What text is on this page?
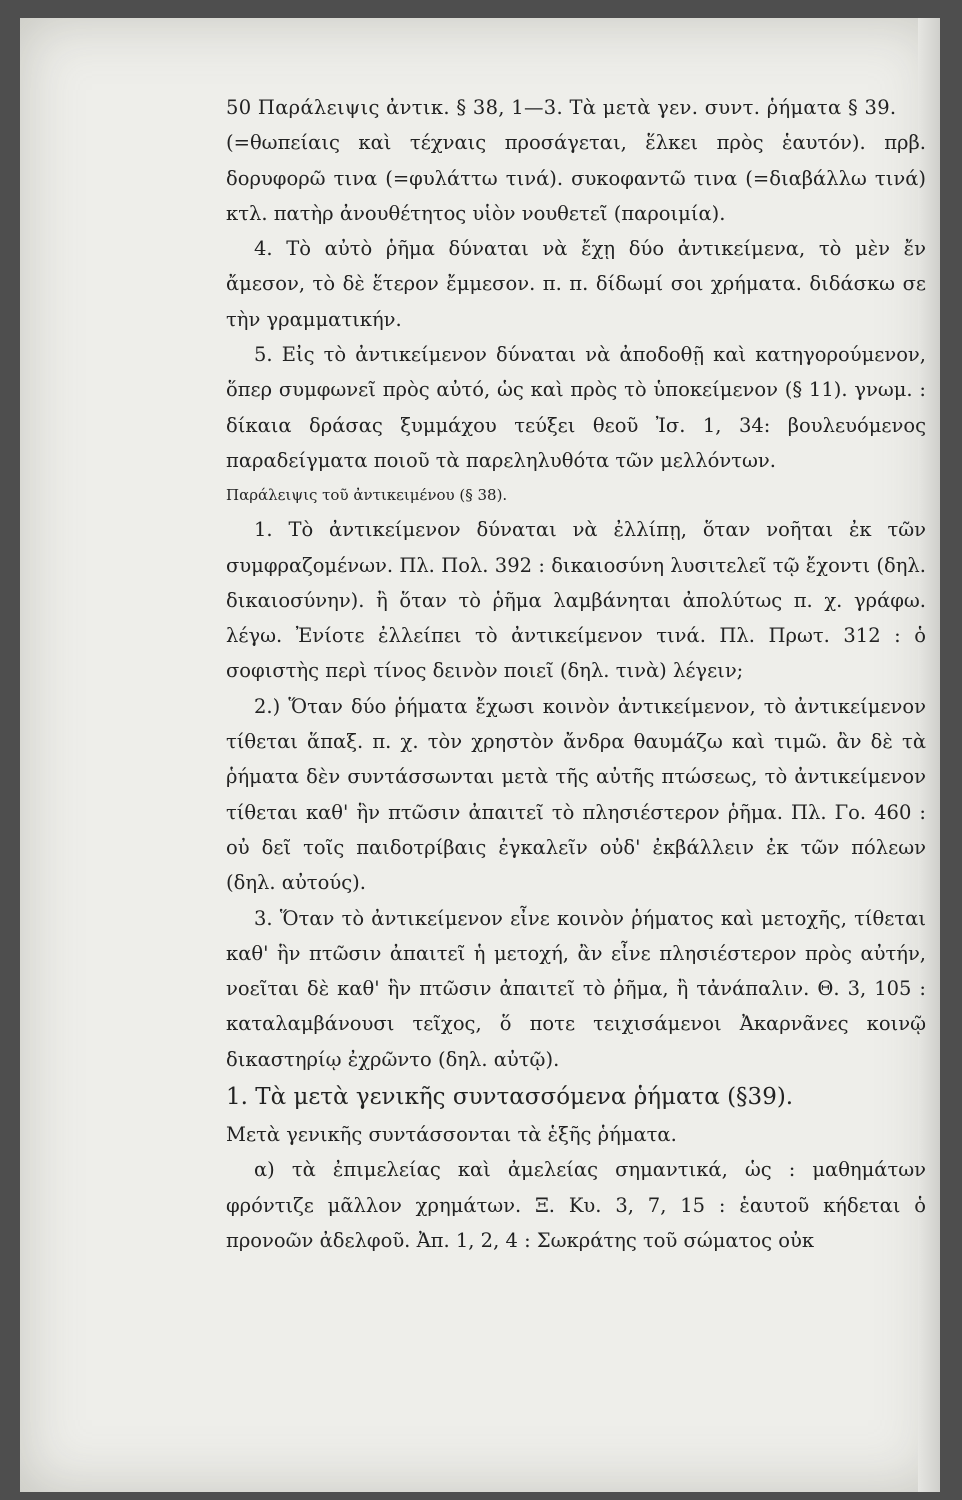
50 Παράλειψις ἀντικ. § 38, 1—3. Τὰ μετὰ γεν. συντ. ῥήματα § 39.

(=θωπείαις καὶ τέχναις προσάγεται, ἕλκει πρὸς ἑαυτόν). πρβ. δορυφορῶ τινα (=φυλάττω τινά). συκοφαντῶ τινα (=διαβάλλω τινά) κτλ. πατὴρ ἀνουθέτητος υἱὸν νουθετεῖ (παροιμία).

4. Τὸ αὐτὸ ῥῆμα δύναται νὰ ἔχῃ δύο ἀντικείμενα, τὸ μὲν ἔν ἄμεσον, τὸ δὲ ἕτερον ἔμμεσον. π. π. δίδωμί σοι χρήματα. διδάσκω σε τὴν γραμματικήν.

5. Εἰς τὸ ἀντικείμενον δύναται νὰ ἀποδοθῇ καὶ κατηγορούμενον, ὅπερ συμφωνεῖ πρὸς αὐτό, ὡς καὶ πρὸς τὸ ὑποκείμενον (§ 11). γνωμ. : δίκαια δράσας ξυμμάχου τεύξει θεοῦ Ἰσ. 1, 34: βουλευόμενος παραδείγματα ποιοῦ τὰ παρεληλυθότα τῶν μελλόντων.

Παράλειψις τοῦ ἀντικειμένου (§ 38).

1. Τὸ ἀντικείμενον δύναται νὰ ἐλλίπῃ, ὅταν νοῆται ἐκ τῶν συμφραζομένων. Πλ. Πολ. 392 : δικαιοσύνη λυσιτελεῖ τῷ ἔχοντι (δηλ. δικαιοσύνην). ἢ ὅταν τὸ ῥῆμα λαμβάνηται ἀπολύτως π. χ. γράφω. λέγω. Ἐνίοτε ἐλλείπει τὸ ἀντικείμενον τινά. Πλ. Πρωτ. 312 : ὁ σοφιστὴς περὶ τίνος δεινὸν ποιεῖ (δηλ. τινὰ) λέγειν;

2.) Ὅταν δύο ῥήματα ἔχωσι κοινὸν ἀντικείμενον, τὸ ἀντικείμενον τίθεται ἅπαξ. π. χ. τὸν χρηστὸν ἄνδρα θαυμάζω καὶ τιμῶ. ἂν δὲ τὰ ῥήματα δὲν συντάσσωνται μετὰ τῆς αὐτῆς πτώσεως, τὸ ἀντικείμενον τίθεται καθ' ἣν πτῶσιν ἀπαιτεῖ τὸ πλησιέστερον ῥῆμα. Πλ. Γο. 460 : οὐ δεῖ τοῖς παιδοτρίβαις ἐγκαλεῖν οὐδ' ἐκβάλλειν ἐκ τῶν πόλεων (δηλ. αὐτούς).

3. Ὅταν τὸ ἀντικείμενον εἶνε κοινὸν ῥήματος καὶ μετοχῆς, τίθεται καθ' ἣν πτῶσιν ἀπαιτεῖ ἡ μετοχή, ἂν εἶνε πλησιέστερον πρὸς αὐτήν, νοεῖται δὲ καθ' ἣν πτῶσιν ἀπαιτεῖ τὸ ῥῆμα, ἢ τἀνάπαλιν. Θ. 3, 105 : καταλαμβάνουσι τεῖχος, ὅ ποτε τειχισάμενοι Ἀκαρνᾶνες κοινῷ δικαστηρίῳ ἐχρῶντο (δηλ. αὐτῷ).

1. Τὰ μετὰ γενικῆς συντασσόμενα ῥήματα (§39).

Μετὰ γενικῆς συντάσσονται τὰ ἑξῆς ῥήματα.

α) τὰ ἐπιμελείας καὶ ἀμελείας σημαντικά, ὡς : μαθημάτων φρόντιζε μᾶλλον χρημάτων. Ξ. Κυ. 3, 7, 15 : ἑαυτοῦ κήδεται ὁ προνοῶν ἀδελφοῦ. Ἀπ. 1, 2, 4 : Σωκράτης τοῦ σώματος οὐκ
